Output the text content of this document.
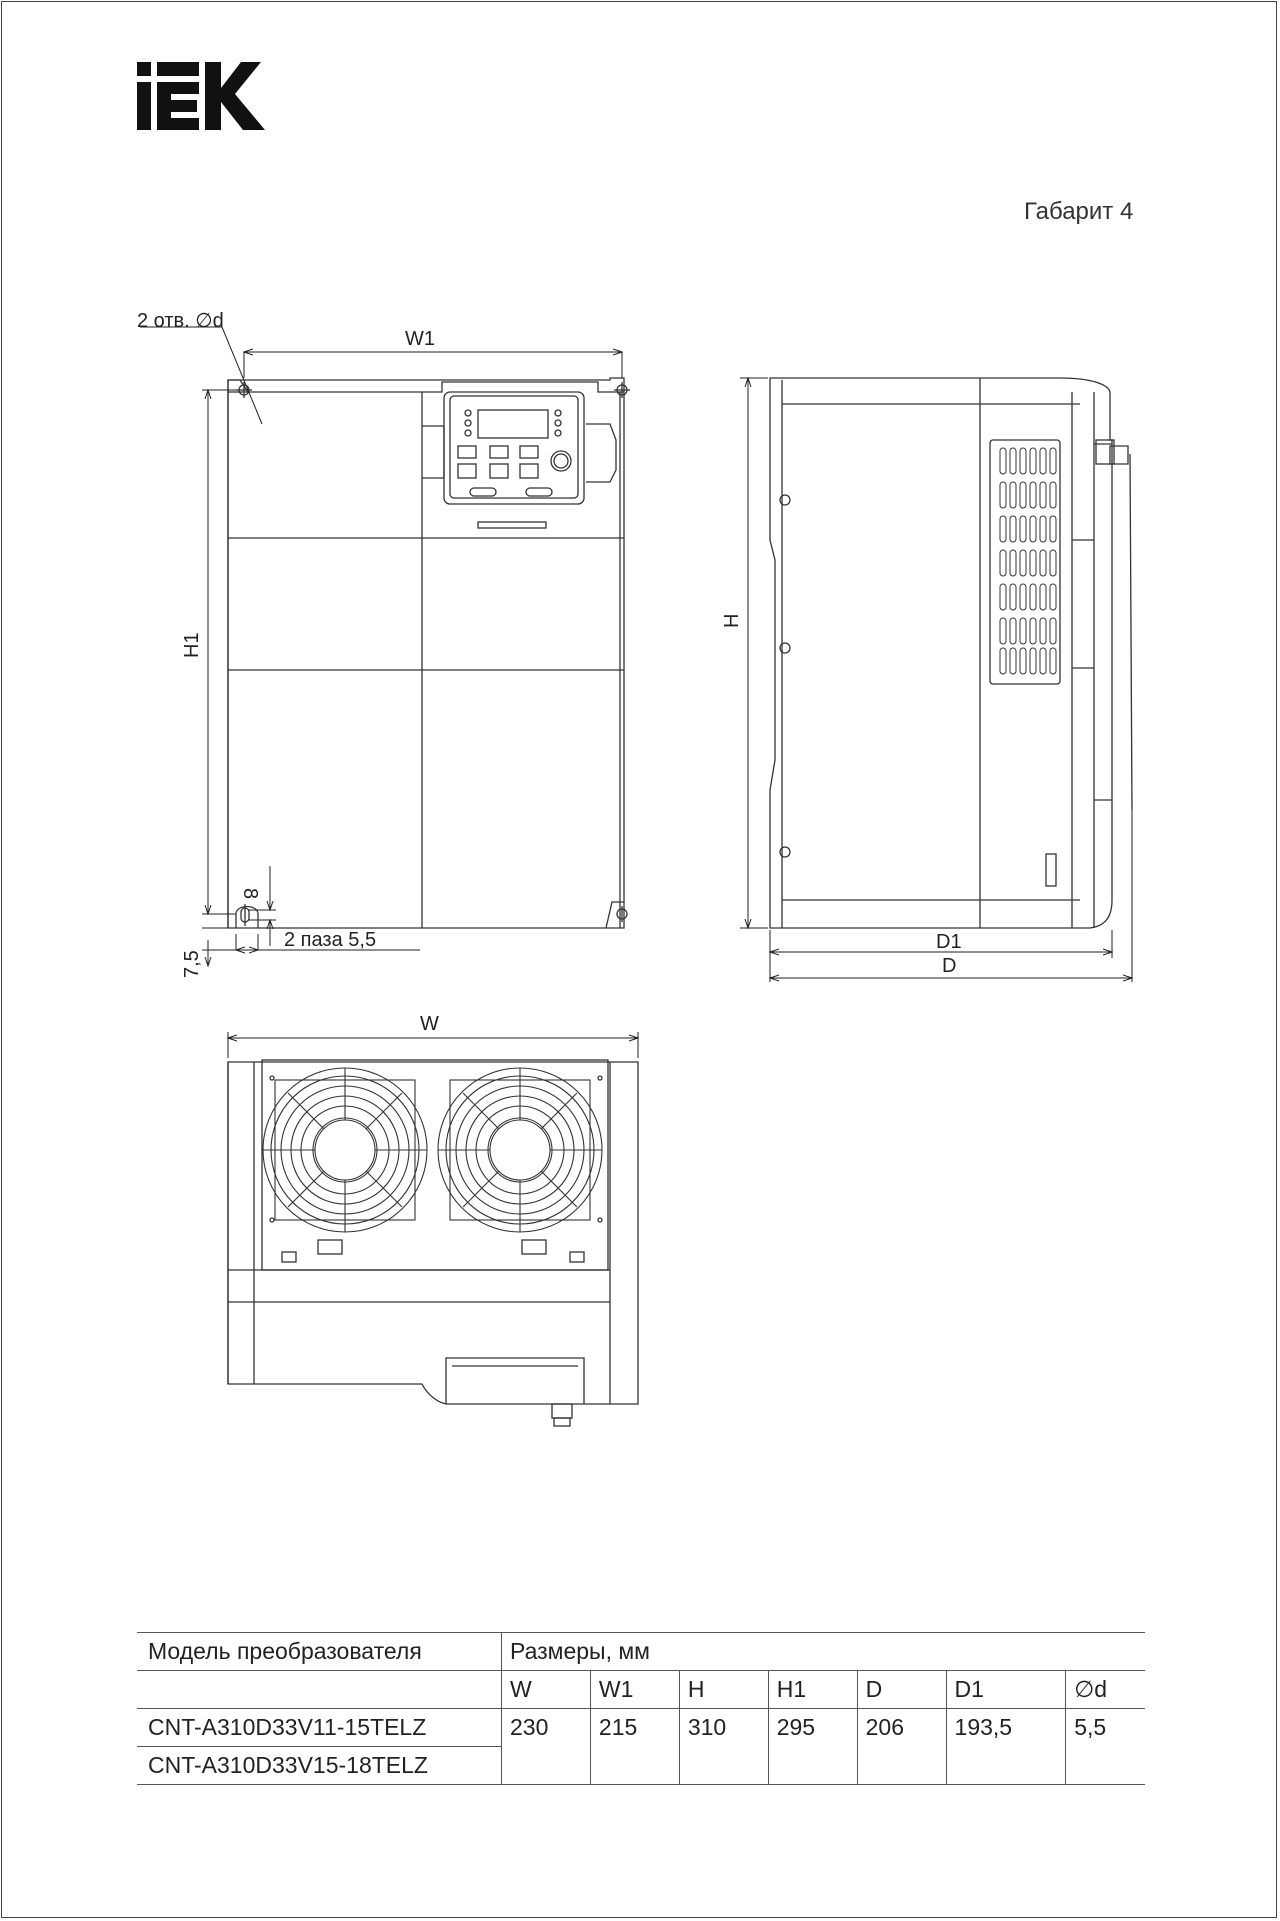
Габарит 4
2 отв. ∅d
W1
H1
8
7,5
2 паза 5,5
H
D1
D
W
Модель преобразователя	Размеры, мм						
	W	W1	H	H1	D	D1	∅d
CNT-A310D33V11-15TELZ	230	215	310	295	206	193,5	5,5
CNT-A310D33V15-18TELZ							
